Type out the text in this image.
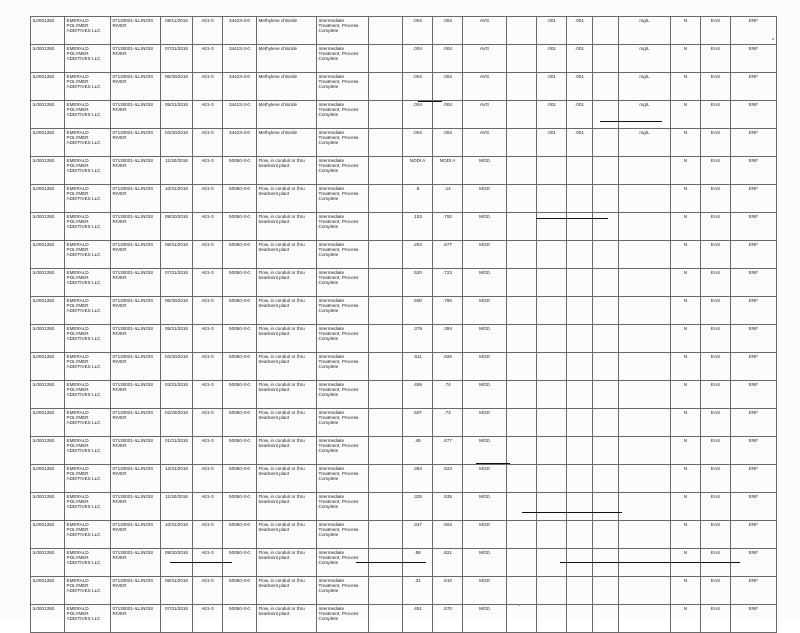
IL0001392	EMERALD POLYMER ADDITIVES LLC	07130001-ILLINOIS RIVER	09/11/2016	A01-0	34423-3-0	Methylene chloride	Intermediate Treatment, Process Complete		.004	.004	AVG		.001	.001		mg/L	N	EAS	ENF
IL0001392	EMERALD POLYMER ADDITIVES LLC	07130001-ILLINOIS RIVER	07/31/2016	A01-0	34423-3-0	Methylene chloride	Intermediate Treatment, Process Complete		.004	.004	AVG		.001	.001		mg/L	N	EAS	ENF
IL0001392	EMERALD POLYMER ADDITIVES LLC	07130001-ILLINOIS RIVER	06/30/2016	A01-0	34423-3-0	Methylene chloride	Intermediate Treatment, Process Complete		.004	.004	AVG		.001	.001		mg/L	N	EAS	ENF
IL0001392	EMERALD POLYMER ADDITIVES LLC	07130001-ILLINOIS RIVER	05/31/2016	A01-0	34423-3-0	Methylene chloride	Intermediate Treatment, Process Complete		.004	.004	AVG		.001	.001		mg/L	N	EAS	ENF
IL0001392	EMERALD POLYMER ADDITIVES LLC	07130001-ILLINOIS RIVER	04/30/2016	A01-0	34423-3-0	Methylene chloride	Intermediate Treatment, Process Complete		.004	.004	AVG		.001	.001		mg/L	N	EAS	ENF
IL0001392	EMERALD POLYMER ADDITIVES LLC	07130001-ILLINOIS RIVER	11/30/2016	A01-0	50050-3-0	Flow, in conduit or thru treatment plant	Intermediate Treatment, Process Complete		NODI A	NODI A	MGD						N	EAS	ENF
IL0001392	EMERALD POLYMER ADDITIVES LLC	07130001-ILLINOIS RIVER	10/31/2016	A01-0	50050-3-0	Flow, in conduit or thru treatment plant	Intermediate Treatment, Process Complete		.8	.14	MGD						N	EAS	ENF
IL0001392	EMERALD POLYMER ADDITIVES LLC	07130001-ILLINOIS RIVER	09/30/2016	A01-0	50050-3-0	Flow, in conduit or thru treatment plant	Intermediate Treatment, Process Complete		.153	.792	MGD						N	EAS	ENF
IL0001392	EMERALD POLYMER ADDITIVES LLC	07130001-ILLINOIS RIVER	08/31/2016	A01-0	50050-3-0	Flow, in conduit or thru treatment plant	Intermediate Treatment, Process Complete		.253	.677	MGD						N	EAS	ENF
IL0001392	EMERALD POLYMER ADDITIVES LLC	07130001-ILLINOIS RIVER	07/31/2016	A01-0	50050-3-0	Flow, in conduit or thru treatment plant	Intermediate Treatment, Process Complete		.520	.723	MGD						N	EAS	ENF
IL0001392	EMERALD POLYMER ADDITIVES LLC	07130001-ILLINOIS RIVER	06/30/2016	A01-0	50050-3-0	Flow, in conduit or thru treatment plant	Intermediate Treatment, Process Complete		.500	.780	MGD						N	EAS	ENF
IL0001392	EMERALD POLYMER ADDITIVES LLC	07130001-ILLINOIS RIVER	05/31/2016	A01-0	50050-3-0	Flow, in conduit or thru treatment plant	Intermediate Treatment, Process Complete		.379	.394	MGD						N	EAS	ENF
IL0001392	EMERALD POLYMER ADDITIVES LLC	07130001-ILLINOIS RIVER	04/30/2016	A01-0	50050-3-0	Flow, in conduit or thru treatment plant	Intermediate Treatment, Process Complete		.611	.826	MGD						N	EAS	ENF
IL0001392	EMERALD POLYMER ADDITIVES LLC	07130001-ILLINOIS RIVER	03/31/2016	A01-0	50050-3-0	Flow, in conduit or thru treatment plant	Intermediate Treatment, Process Complete		.459	.74	MGD						N	EAS	ENF
IL0001392	EMERALD POLYMER ADDITIVES LLC	07130001-ILLINOIS RIVER	02/29/2016	A01-0	50050-3-0	Flow, in conduit or thru treatment plant	Intermediate Treatment, Process Complete		.507	.73	MGD						N	EAS	ENF
IL0001392	EMERALD POLYMER ADDITIVES LLC	07130001-ILLINOIS RIVER	01/31/2016	A01-0	50050-3-0	Flow, in conduit or thru treatment plant	Intermediate Treatment, Process Complete		.45	.677	MGD						N	EAS	ENF
IL0001392	EMERALD POLYMER ADDITIVES LLC	07130001-ILLINOIS RIVER	12/31/2016	A01-0	50050-3-0	Flow, in conduit or thru treatment plant	Intermediate Treatment, Process Complete		.394	.623	MGD						N	EAS	ENF
IL0001392	EMERALD POLYMER ADDITIVES LLC	07130001-ILLINOIS RIVER	11/30/2016	A01-0	50050-3-0	Flow, in conduit or thru treatment plant	Intermediate Treatment, Process Complete		.325	.535	MGD						N	EAS	ENF
IL0001392	EMERALD POLYMER ADDITIVES LLC	07130001-ILLINOIS RIVER	10/31/2016	A01-0	50050-3-0	Flow, in conduit or thru treatment plant	Intermediate Treatment, Process Complete		.347	.604	MGD						N	EAS	ENF
IL0001392	EMERALD POLYMER ADDITIVES LLC	07130001-ILLINOIS RIVER	09/30/2016	A01-0	50050-3-0	Flow, in conduit or thru treatment plant	Intermediate Treatment, Process Complete		.58	.621	MGD						N	EAS	ENF
IL0001392	EMERALD POLYMER ADDITIVES LLC	07130001-ILLINOIS RIVER	08/31/2016	A01-0	50050-3-0	Flow, in conduit or thru treatment plant	Intermediate Treatment, Process Complete		.31	.610	MGD						N	EAS	ENF
IL0001392	EMERALD POLYMER ADDITIVES LLC	07130001-ILLINOIS RIVER	07/31/2016	A01-0	50050-3-0	Flow, in conduit or thru treatment plant	Intermediate Treatment, Process Complete		.451	.570	MGD						N	EAS	ENF
